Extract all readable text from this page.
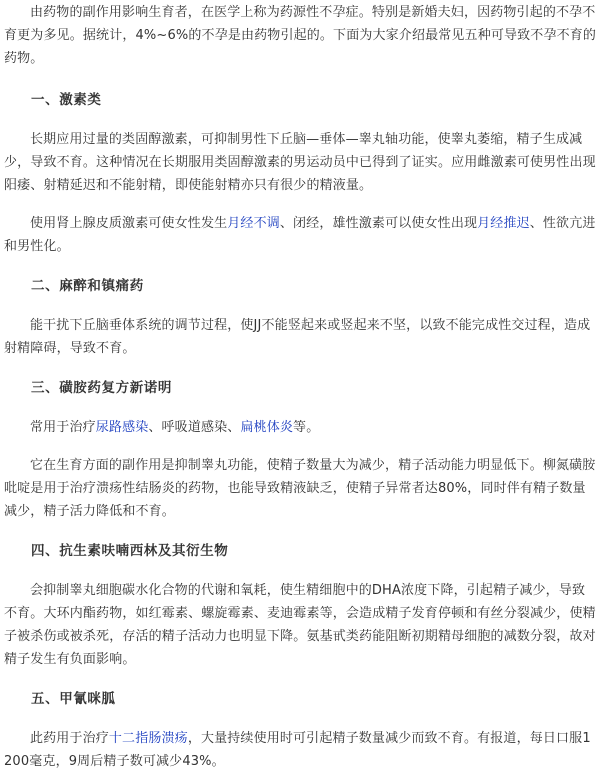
由药物的副作用影响生育者，在医学上称为药源性不孕症。特别是新婚夫妇，因药物引起的不孕不育更为多见。据统计，4%~6%的不孕是由药物引起的。下面为大家介绍最常见五种可导致不孕不育的药物。

一、激素类

长期应用过量的类固醇激素，可抑制男性下丘脑—垂体—睾丸轴功能，使睾丸萎缩，精子生成减少，导致不育。这种情况在长期服用类固醇激素的男运动员中已得到了证实。应用雌激素可使男性出现阳痿、射精延迟和不能射精，即使能射精亦只有很少的精液量。

使用肾上腺皮质激素可使女性发生月经不调、闭经，雄性激素可以使女性出现月经推迟、性欲亢进和男性化。

二、麻醉和镇痛药

能干扰下丘脑垂体系统的调节过程，使JJ不能竖起来或竖起来不坚，以致不能完成性交过程，造成射精障碍，导致不育。

三、磺胺药复方新诺明

常用于治疗尿路感染、呼吸道感染、扁桃体炎等。

它在生育方面的副作用是抑制睾丸功能，使精子数量大为减少，精子活动能力明显低下。柳氮磺胺吡啶是用于治疗溃疡性结肠炎的药物，也能导致精液缺乏，使精子异常者达80%，同时伴有精子数量减少，精子活力降低和不育。

四、抗生素呋喃西林及其衍生物

会抑制睾丸细胞碳水化合物的代谢和氧耗，使生精细胞中的DHA浓度下降，引起精子减少，导致不育。大环内酯药物，如红霉素、螺旋霉素、麦迪霉素等，会造成精子发育停顿和有丝分裂减少，使精子被杀伤或被杀死，存活的精子活动力也明显下降。氨基甙类药能阻断初期精母细胞的减数分裂，故对精子发生有负面影响。

五、甲氰咪胍

此药用于治疗十二指肠溃疡，大量持续使用时可引起精子数量减少而致不育。有报道，每日口服1200毫克，9周后精子数可减少43%。
